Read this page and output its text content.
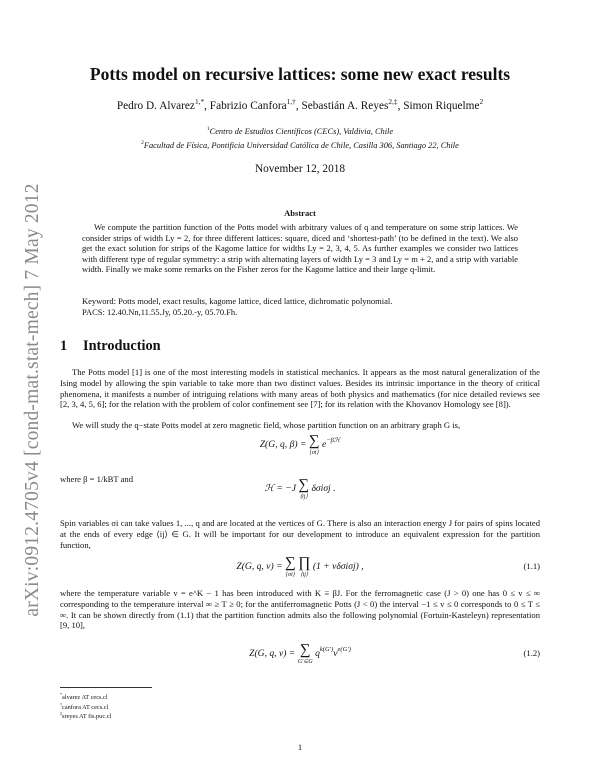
arXiv:0912.4705v4 [cond-mat.stat-mech] 7 May 2012
Potts model on recursive lattices: some new exact results
Pedro D. Alvarez$^{1,*}$, Fabrizio Canfora$^{1,\dagger}$, Sebastián A. Reyes$^{2,\ddagger}$, Simon Riquelme$^2$
$^1$Centro de Estudios Científicos (CECs), Valdivia, Chile
$^2$Facultad de Física, Pontificia Universidad Católica de Chile, Casilla 306, Santiago 22, Chile
November 12, 2018
Abstract
We compute the partition function of the Potts model with arbitrary values of q and temperature on some strip lattices. We consider strips of width Ly = 2, for three different lattices: square, diced and ‘shortest-path’ (to be defined in the text). We also get the exact solution for strips of the Kagome lattice for widths Ly = 2, 3, 4, 5. As further examples we consider two lattices with different type of regular symmetry: a strip with alternating layers of width Ly = 3 and Ly = m + 2, and a strip with variable width. Finally we make some remarks on the Fisher zeros for the Kagome lattice and their large q-limit.
Keyword: Potts model, exact results, kagome lattice, diced lattice, dichromatic polynomial.
PACS: 12.40.Nn,11.55.Jy, 05.20.-y, 05.70.Fh.
1 Introduction
The Potts model [1] is one of the most interesting models in statistical mechanics. It appears as the most natural generalization of the Ising model by allowing the spin variable to take more than two distinct values. Besides its intrinsic importance in the theory of critical phenomena, it manifests a number of intriguing relations with many areas of both physics and mathematics (for nice detailed reviews see [2, 3, 4, 5, 6]; for the relation with the problem of color confinement see [7]; for its relation with the Khovanov Homology see [8]).
We will study the q−state Potts model at zero magnetic field, whose partition function on an arbitrary graph G is,
Z(G, q, β) = ∑
{σi}
$e^{-\beta ℋ}$
where β = 1/kBT and
ℋ = −J ∑
⟨ij⟩
δσiσj .
Spin variables σi can take values 1, ..., q and are located at the vertices of G. There is also an interaction energy J for pairs of spins located at the ends of every edge ⟨ij⟩ ∈ G. It will be important for our development to introduce an equivalent expression for the partition function,
Z(G, q, v) = ∑
{σi}

∏
⟨ij⟩
(1 + vδσiσj) ,	(1.1)
where the temperature variable v = e^K − 1 has been introduced with K ≡ βJ. For the ferromagnetic case (J > 0) one has 0 ≤ v ≤ ∞ corresponding to the temperature interval ∞ ≥ T ≥ 0; for the antiferromagnetic Potts (J < 0) the interval −1 ≤ v ≤ 0 corresponds to 0 ≤ T ≤ ∞. It can be shown directly from (1.1) that the partition function admits also the following polynomial (Fortuin-Kasteleyn) representation [9, 10],
Z(G, q, v) = ∑
G′⊆G
$q^{k(G')}v^{e(G')}$	(1.2)
*alvarez AT cecs.cl
†canfora AT cecs.cl
‡sreyes AT fis.puc.cl
1
